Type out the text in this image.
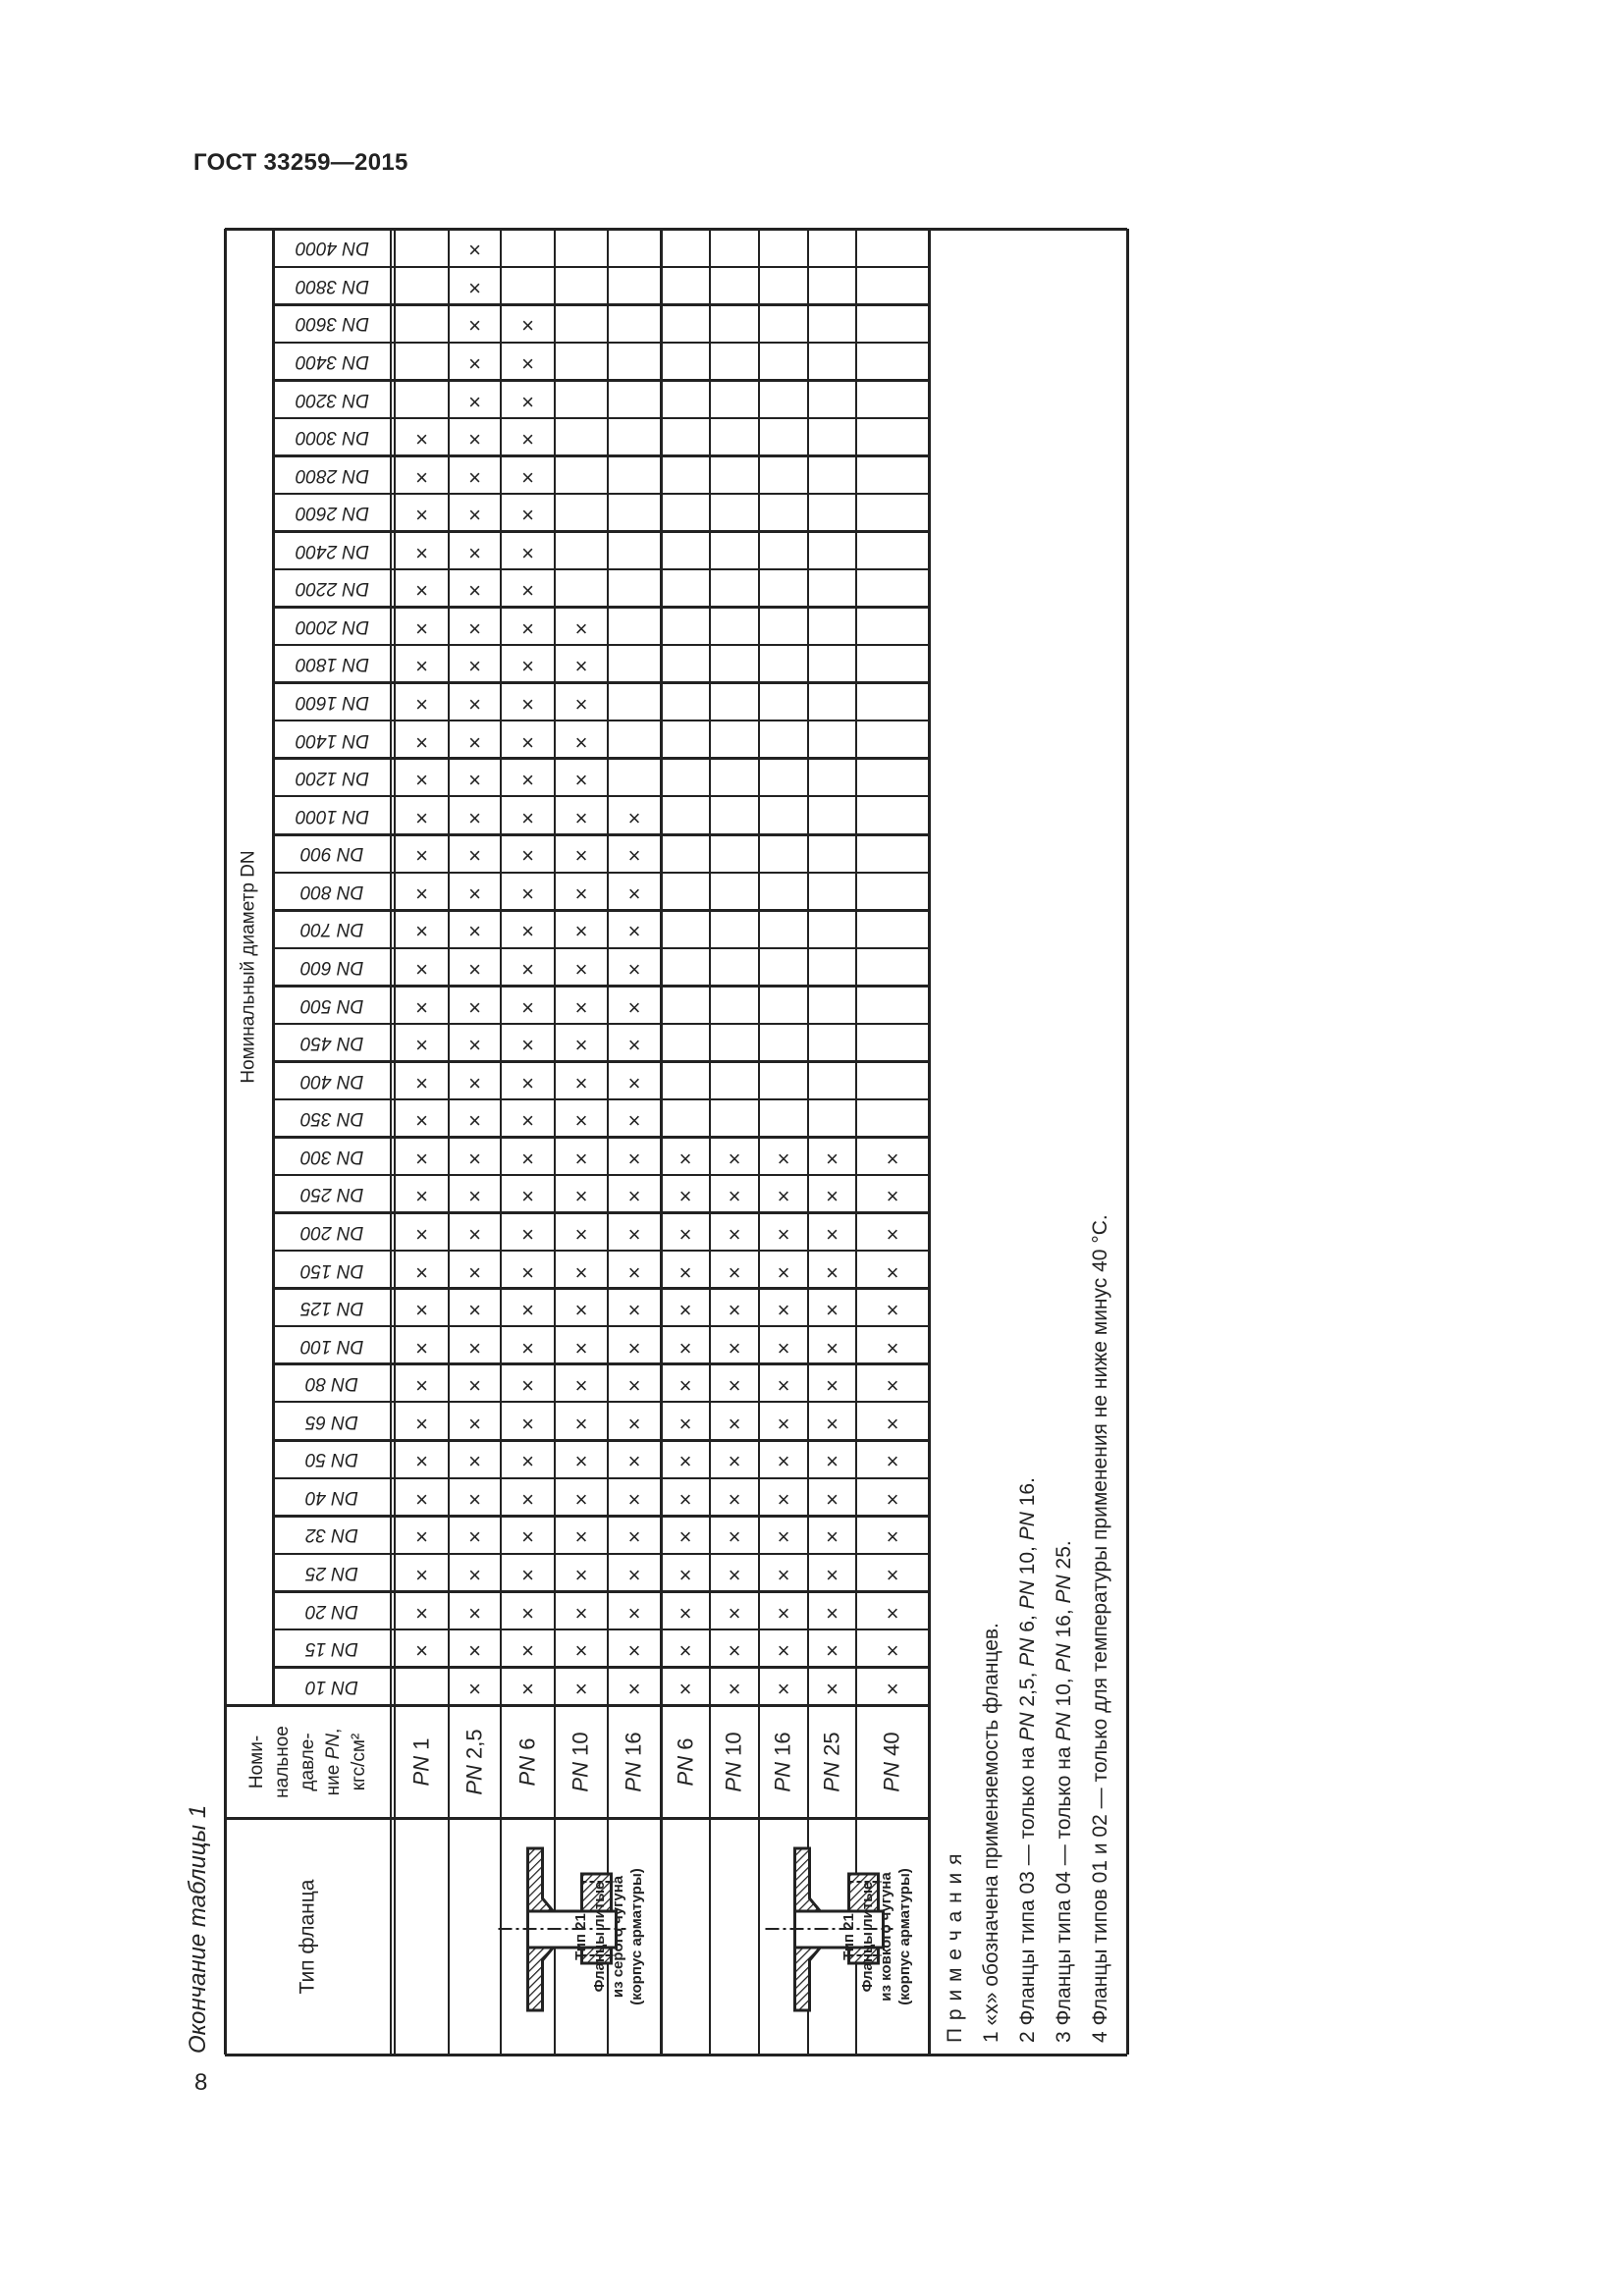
ГОСТ 33259—2015
8
Окончание таблицы 1
Номинальный диаметр DN
DN 10
DN 15
DN 20
DN 25
DN 32
DN 40
DN 50
DN 65
DN 80
DN 100
DN 125
DN 150
DN 200
DN 250
DN 300
DN 350
DN 400
DN 450
DN 500
DN 600
DN 700
DN 800
DN 900
DN 1000
DN 1200
DN 1400
DN 1600
DN 1800
DN 2000
DN 2200
DN 2400
DN 2600
DN 2800
DN 3000
DN 3200
DN 3400
DN 3600
DN 3800
DN 4000
Номи- нальное давле- ние PN,
кгс/см²
Тип фланца
PN 1
×
×
×
×
×
×
×
×
×
×
×
×
×
×
×
×
×
×
×
×
×
×
×
×
×
×
×
×
×
×
×
×
×
PN 2,5
×
×
×
×
×
×
×
×
×
×
×
×
×
×
×
×
×
×
×
×
×
×
×
×
×
×
×
×
×
×
×
×
×
×
×
×
×
×
×
PN 6
×
×
×
×
×
×
×
×
×
×
×
×
×
×
×
×
×
×
×
×
×
×
×
×
×
×
×
×
×
×
×
×
×
×
×
×
×
PN 10
×
×
×
×
×
×
×
×
×
×
×
×
×
×
×
×
×
×
×
×
×
×
×
×
×
×
×
×
×
PN 16
×
×
×
×
×
×
×
×
×
×
×
×
×
×
×
×
×
×
×
×
×
×
×
×
Тип 21 Фланцы литые из серого чугуна (корпус арматуры)
PN 6
×
×
×
×
×
×
×
×
×
×
×
×
×
×
×
PN 10
×
×
×
×
×
×
×
×
×
×
×
×
×
×
×
PN 16
×
×
×
×
×
×
×
×
×
×
×
×
×
×
×
PN 25
×
×
×
×
×
×
×
×
×
×
×
×
×
×
×
PN 40
×
×
×
×
×
×
×
×
×
×
×
×
×
×
×
Тип 21 Фланцы литые из ковкого чугуна (корпус арматуры)	П р и м е ч а н и я 1 «х» обозначена применяемость фланцев. 2 Фланцы типа 03 — только на PN 2,5, PN 6, PN 10, PN 16.
3 Фланцы типа 04 — только на PN 10, PN 16, PN 25. 4 Фланцы типов 01 и 02 — только для температуры применения не ниже минус 40 °С.
